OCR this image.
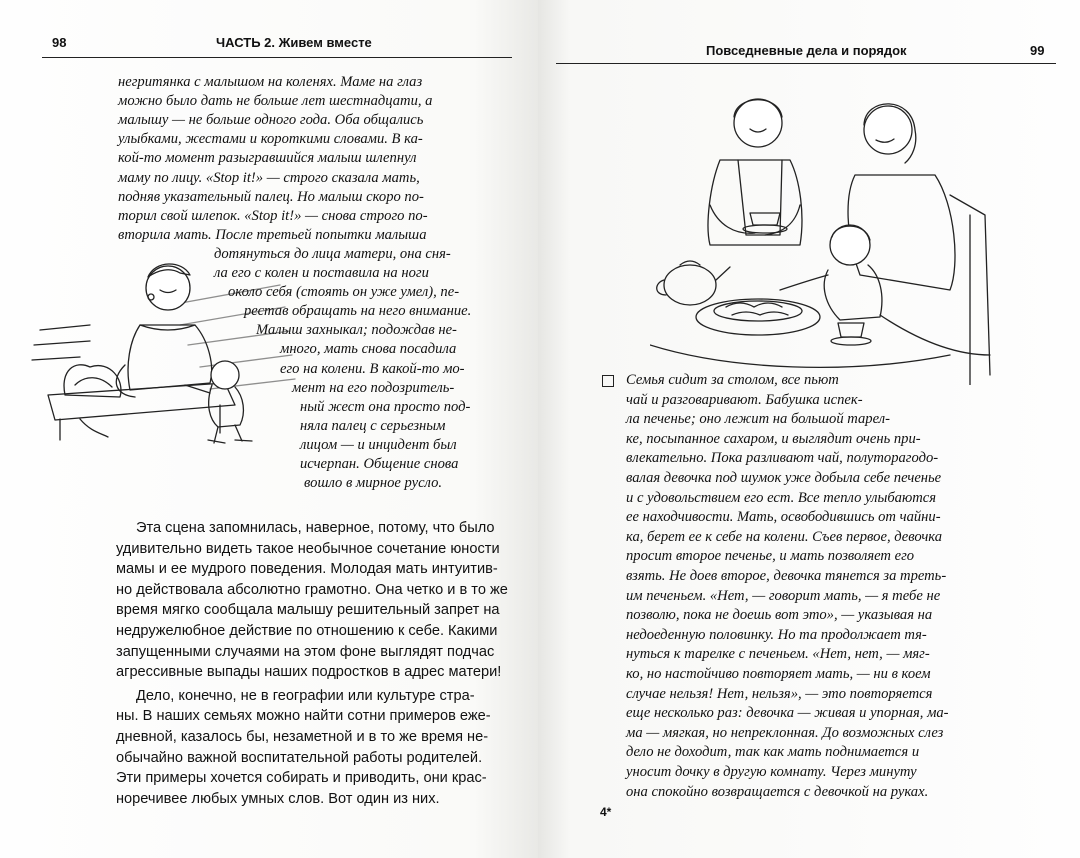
98	ЧАСТЬ 2. Живем вместе
негритянка с малышом на коленях. Маме на глаз
можно было дать не больше лет шестнадцати, а
малышу — не больше одного года. Оба общались
улыбками, жестами и короткими словами. В ка-
кой-то момент разыгравшийся малыш шлепнул
маму по лицу. «Stop it!» — строго сказала мать,
подняв указательный палец. Но малыш скоро по-
торил свой шлепок. «Stop it!» — снова строго по-
вторила мать. После третьей попытки малыша
дотянуться до лица матери, она сня-
ла его с колен и поставила на ноги
около себя (стоять он уже умел), пе-
рестав обращать на него внимание.
Малыш захныкал; подождав не-
много, мать снова посадила
его на колени. В какой-то мо-
мент на его подозритель-
ный жест она просто под-
няла палец с серьезным
лицом — и инцидент был
исчерпан. Общение снова
вошло в мирное русло.
Эта сцена запомнилась, наверное, потому, что было
удивительно видеть такое необычное сочетание юности
мамы и ее мудрого поведения. Молодая мать интуитив-
но действовала абсолютно грамотно. Она четко и в то же
время мягко сообщала малышу решительный запрет на
недружелюбное действие по отношению к себе. Какими
запущенными случаями на этом фоне выглядят подчас
агрессивные выпады наших подростков в адрес матери!
Дело, конечно, не в географии или культуре стра-
ны. В наших семьях можно найти сотни примеров еже-
дневной, казалось бы, незаметной и в то же время не-
обычайно важной воспитательной работы родителей.
Эти примеры хочется собирать и приводить, они крас-
норечивее любых умных слов. Вот один из них.
Повседневные дела и порядок	99
Семья сидит за столом, все пьют
чай и разговаривают. Бабушка испек-
ла печенье; оно лежит на большой тарел-
ке, посыпанное сахаром, и выглядит очень при-
влекательно. Пока разливают чай, полуторагодо-
валая девочка под шумок уже добыла себе печенье
и с удовольствием его ест. Все тепло улыбаются
ее находчивости. Мать, освободившись от чайни-
ка, берет ее к себе на колени. Съев первое, девочка
просит второе печенье, и мать позволяет его
взять. Не доев второе, девочка тянется за треть-
им печеньем. «Нет, — говорит мать, — я тебе не
позволю, пока не доешь вот это», — указывая на
недоеденную половинку. Но та продолжает тя-
нуться к тарелке с печеньем. «Нет, нет, — мяг-
ко, но настойчиво повторяет мать, — ни в коем
случае нельзя! Нет, нельзя», — это повторяется
еще несколько раз: девочка — живая и упорная, ма-
ма — мягкая, но непреклонная. До возможных слез
дело не доходит, так как мать поднимается и
уносит дочку в другую комнату. Через минуту
она спокойно возвращается с девочкой на руках.
4*
